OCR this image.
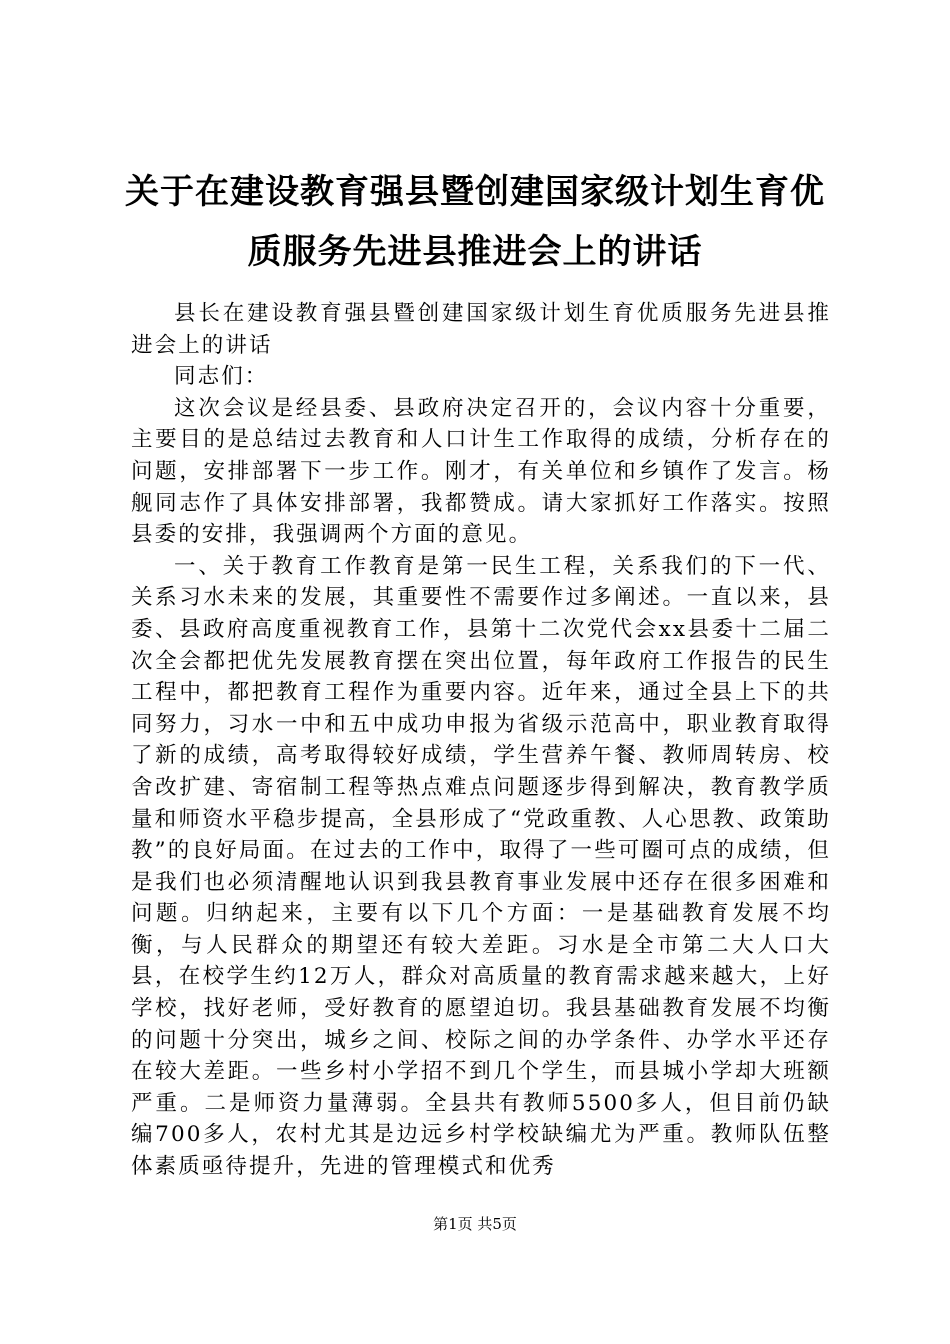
关于在建设教育强县暨创建国家级计划生育优质服务先进县推进会上的讲话

县长在建设教育强县暨创建国家级计划生育优质服务先进县推进会上的讲话

同志们：

这次会议是经县委、县政府决定召开的，会议内容十分重要，主要目的是总结过去教育和人口计生工作取得的成绩，分析存在的问题，安排部署下一步工作。刚才，有关单位和乡镇作了发言。杨舰同志作了具体安排部署，我都赞成。请大家抓好工作落实。按照县委的安排，我强调两个方面的意见。

一、关于教育工作教育是第一民生工程，关系我们的下一代、关系习水未来的发展，其重要性不需要作过多阐述。一直以来，县委、县政府高度重视教育工作，县第十二次党代会xx县委十二届二次全会都把优先发展教育摆在突出位置，每年政府工作报告的民生工程中，都把教育工程作为重要内容。近年来，通过全县上下的共同努力，习水一中和五中成功申报为省级示范高中，职业教育取得了新的成绩，高考取得较好成绩，学生营养午餐、教师周转房、校舍改扩建、寄宿制工程等热点难点问题逐步得到解决，教育教学质量和师资水平稳步提高，全县形成了“党政重教、人心思教、政策助教”的良好局面。在过去的工作中，取得了一些可圈可点的成绩，但是我们也必须清醒地认识到我县教育事业发展中还存在很多困难和问题。归纳起来，主要有以下几个方面：一是基础教育发展不均衡，与人民群众的期望还有较大差距。习水是全市第二大人口大县，在校学生约12万人，群众对高质量的教育需求越来越大，上好学校，找好老师，受好教育的愿望迫切。我县基础教育发展不均衡的问题十分突出，城乡之间、校际之间的办学条件、办学水平还存在较大差距。一些乡村小学招不到几个学生，而县城小学却大班额严重。二是师资力量薄弱。全县共有教师5500多人，但目前仍缺编700多人，农村尤其是边远乡村学校缺编尤为严重。教师队伍整体素质亟待提升，先进的管理模式和优秀

第1页 共5页
